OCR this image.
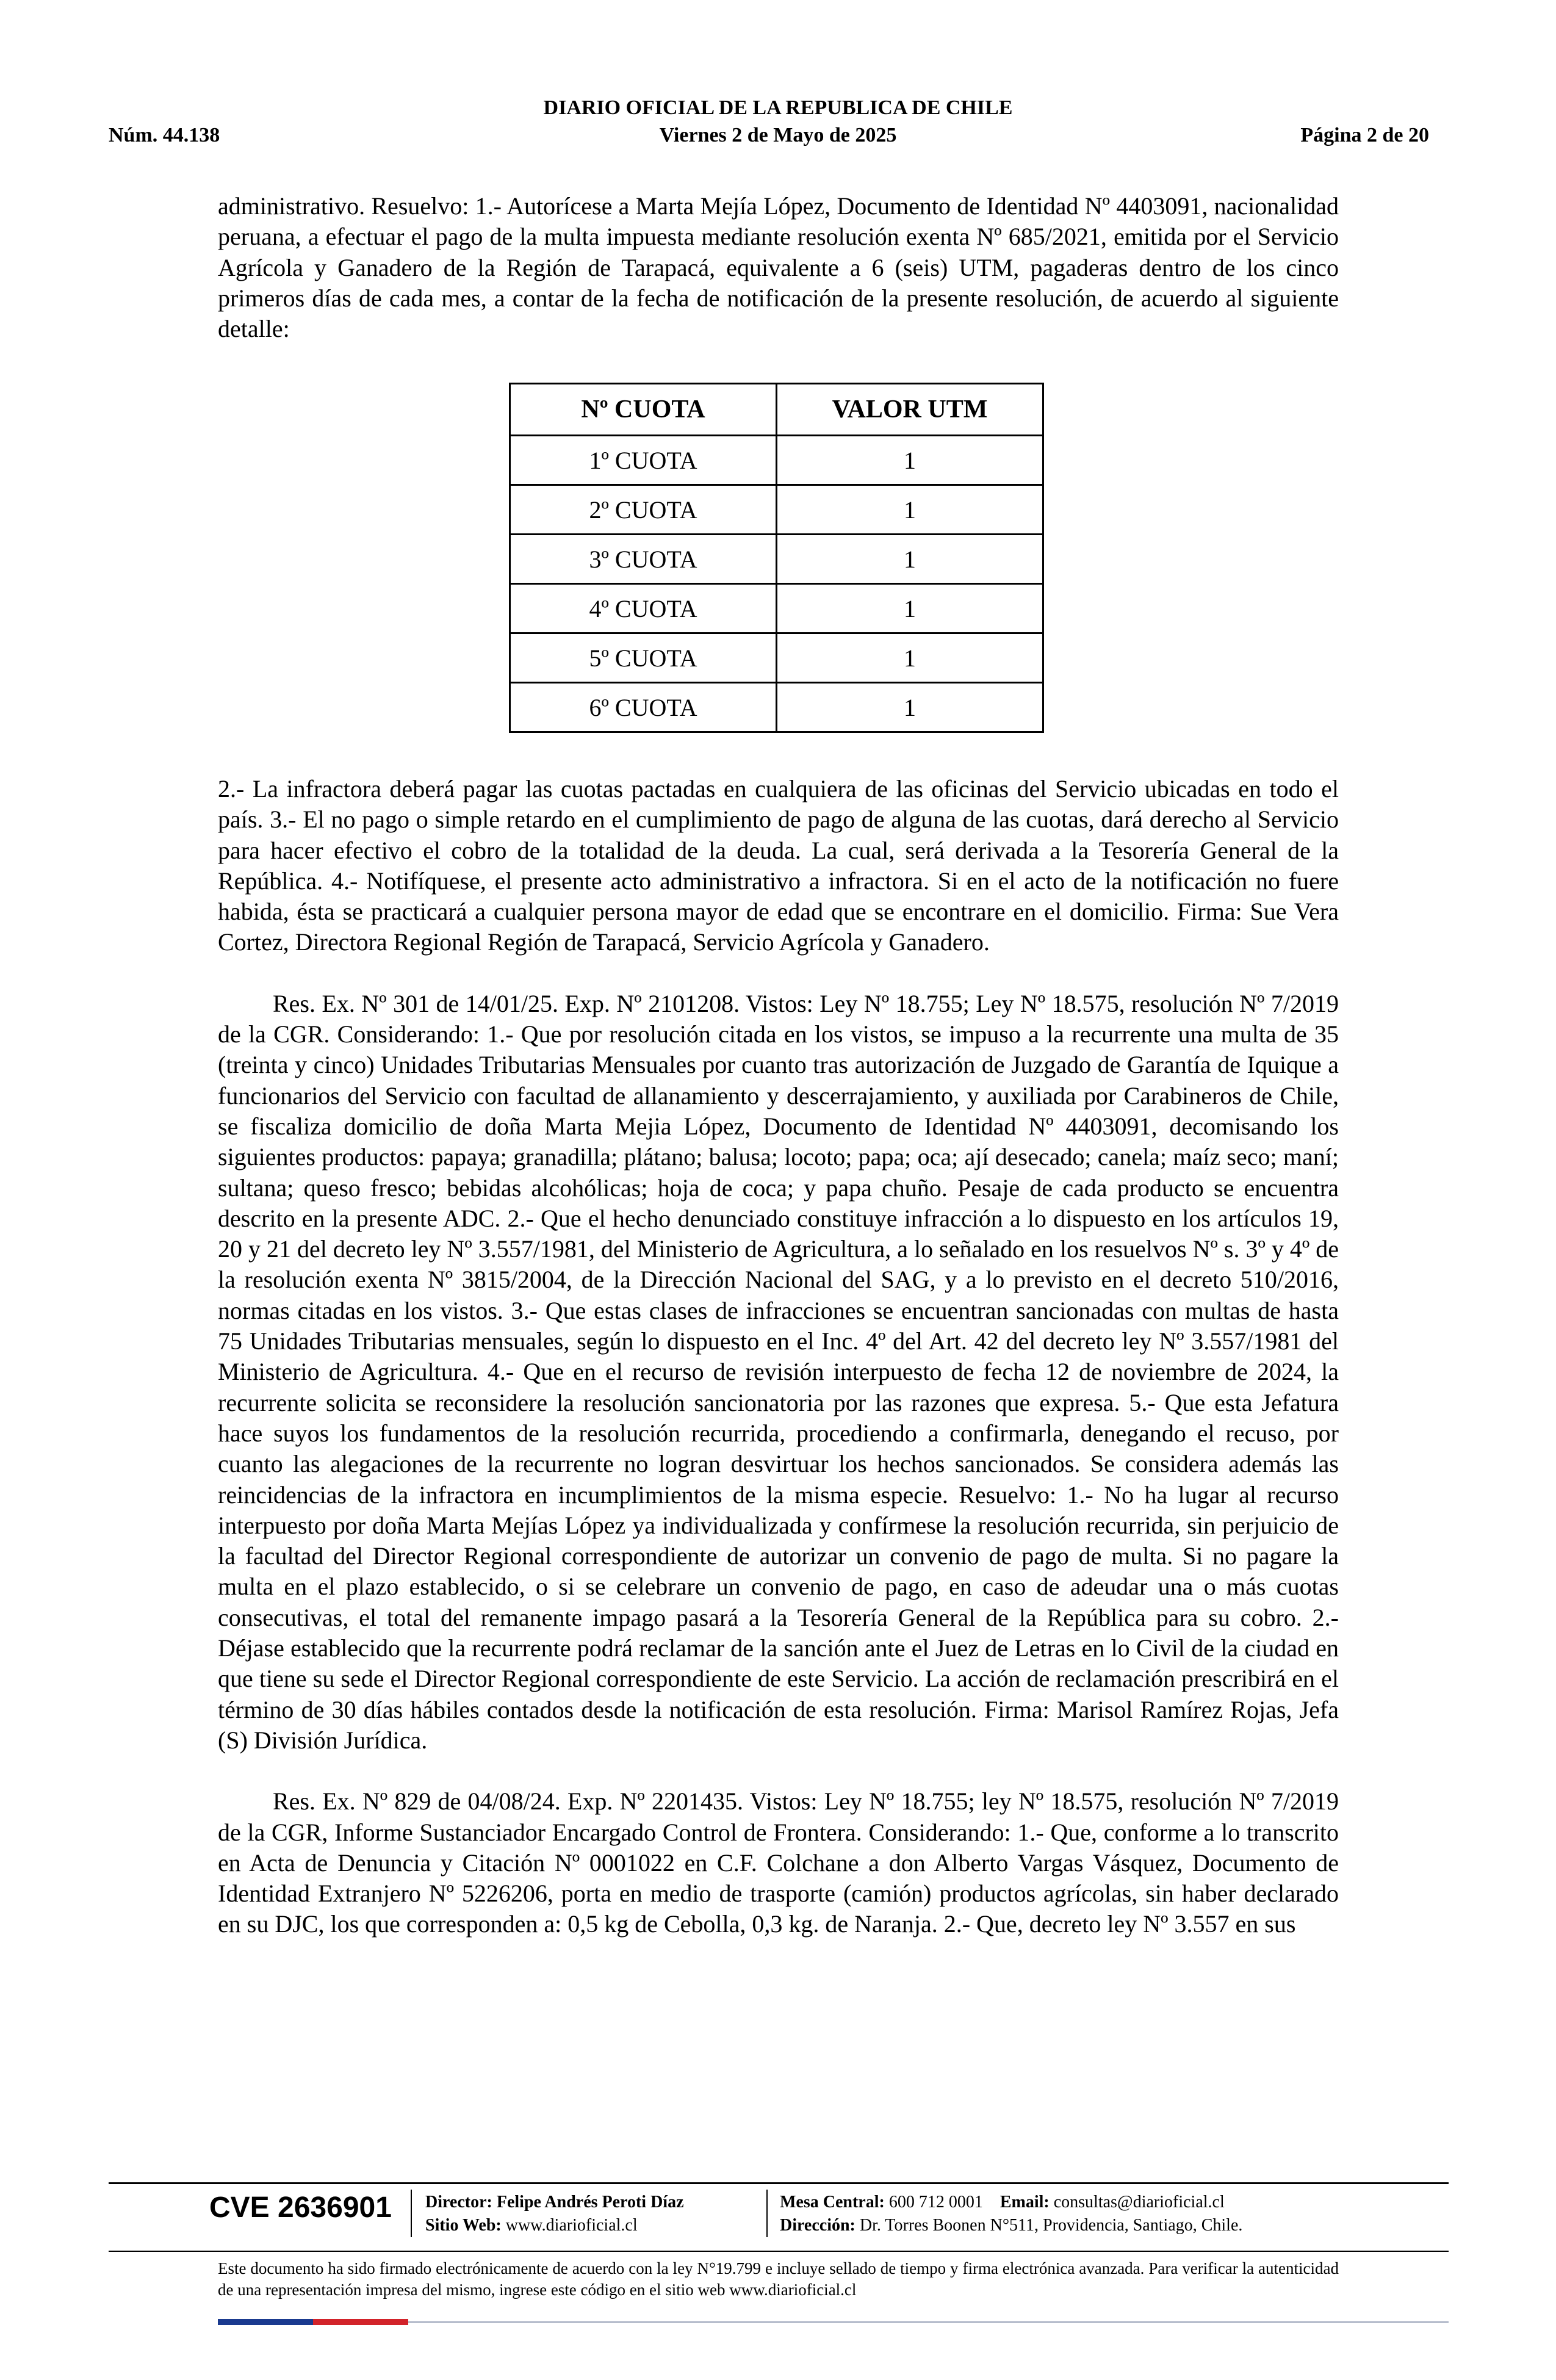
DIARIO OFICIAL DE LA REPUBLICA DE CHILE
Núm. 44.138	Viernes 2 de Mayo de 2025	Página 2 de 20

administrativo. Resuelvo: 1.- Autorícese a Marta Mejía López, Documento de Identidad Nº 4403091, nacionalidad peruana, a efectuar el pago de la multa impuesta mediante resolución exenta Nº 685/2021, emitida por el Servicio Agrícola y Ganadero de la Región de Tarapacá, equivalente a 6 (seis) UTM, pagaderas dentro de los cinco primeros días de cada mes, a contar de la fecha de notificación de la presente resolución, de acuerdo al siguiente detalle:

Nº CUOTA	VALOR UTM
1º CUOTA	1
2º CUOTA	1
3º CUOTA	1
4º CUOTA	1
5º CUOTA	1
6º CUOTA	1

2.- La infractora deberá pagar las cuotas pactadas en cualquiera de las oficinas del Servicio ubicadas en todo el país. 3.- El no pago o simple retardo en el cumplimiento de pago de alguna de las cuotas, dará derecho al Servicio para hacer efectivo el cobro de la totalidad de la deuda. La cual, será derivada a la Tesorería General de la República. 4.- Notifíquese, el presente acto administrativo a infractora. Si en el acto de la notificación no fuere habida, ésta se practicará a cualquier persona mayor de edad que se encontrare en el domicilio. Firma: Sue Vera Cortez, Directora Regional Región de Tarapacá, Servicio Agrícola y Ganadero.

Res. Ex. Nº 301 de 14/01/25. Exp. Nº 2101208. Vistos: Ley Nº 18.755; Ley Nº 18.575, resolución Nº 7/2019 de la CGR. Considerando: 1.- Que por resolución citada en los vistos, se impuso a la recurrente una multa de 35 (treinta y cinco) Unidades Tributarias Mensuales por cuanto tras autorización de Juzgado de Garantía de Iquique a funcionarios del Servicio con facultad de allanamiento y descerrajamiento, y auxiliada por Carabineros de Chile, se fiscaliza domicilio de doña Marta Mejia López, Documento de Identidad Nº 4403091, decomisando los siguientes productos: papaya; granadilla; plátano; balusa; locoto; papa; oca; ají desecado; canela; maíz seco; maní; sultana; queso fresco; bebidas alcohólicas; hoja de coca; y papa chuño. Pesaje de cada producto se encuentra descrito en la presente ADC. 2.- Que el hecho denunciado constituye infracción a lo dispuesto en los artículos 19, 20 y 21 del decreto ley Nº 3.557/1981, del Ministerio de Agricultura, a lo señalado en los resuelvos Nº s. 3º y 4º de la resolución exenta Nº 3815/2004, de la Dirección Nacional del SAG, y a lo previsto en el decreto 510/2016, normas citadas en los vistos. 3.- Que estas clases de infracciones se encuentran sancionadas con multas de hasta 75 Unidades Tributarias mensuales, según lo dispuesto en el Inc. 4º del Art. 42 del decreto ley Nº 3.557/1981 del Ministerio de Agricultura. 4.- Que en el recurso de revisión interpuesto de fecha 12 de noviembre de 2024, la recurrente solicita se reconsidere la resolución sancionatoria por las razones que expresa. 5.- Que esta Jefatura hace suyos los fundamentos de la resolución recurrida, procediendo a confirmarla, denegando el recuso, por cuanto las alegaciones de la recurrente no logran desvirtuar los hechos sancionados. Se considera además las reincidencias de la infractora en incumplimientos de la misma especie. Resuelvo: 1.- No ha lugar al recurso interpuesto por doña Marta Mejías López ya individualizada y confírmese la resolución recurrida, sin perjuicio de la facultad del Director Regional correspondiente de autorizar un convenio de pago de multa. Si no pagare la multa en el plazo establecido, o si se celebrare un convenio de pago, en caso de adeudar una o más cuotas consecutivas, el total del remanente impago pasará a la Tesorería General de la República para su cobro. 2.- Déjase establecido que la recurrente podrá reclamar de la sanción ante el Juez de Letras en lo Civil de la ciudad en que tiene su sede el Director Regional correspondiente de este Servicio. La acción de reclamación prescribirá en el término de 30 días hábiles contados desde la notificación de esta resolución. Firma: Marisol Ramírez Rojas, Jefa (S) División Jurídica.

Res. Ex. Nº 829 de 04/08/24. Exp. Nº 2201435. Vistos: Ley Nº 18.755; ley Nº 18.575, resolución Nº 7/2019 de la CGR, Informe Sustanciador Encargado Control de Frontera. Considerando: 1.- Que, conforme a lo transcrito en Acta de Denuncia y Citación Nº 0001022 en C.F. Colchane a don Alberto Vargas Vásquez, Documento de Identidad Extranjero Nº 5226206, porta en medio de trasporte (camión) productos agrícolas, sin haber declarado en su DJC, los que corresponden a: 0,5 kg de Cebolla, 0,3 kg. de Naranja. 2.- Que, decreto ley Nº 3.557 en sus

CVE 2636901 Director: Felipe Andrés Peroti Díaz
Sitio Web: www.diarioficial.cl
Mesa Central: 600 712 0001 Email: consultas@diarioficial.cl
Dirección: Dr. Torres Boonen N°511, Providencia, Santiago, Chile.
Este documento ha sido firmado electrónicamente de acuerdo con la ley N°19.799 e incluye sellado de tiempo y firma electrónica avanzada. Para verificar la autenticidad de una representación impresa del mismo, ingrese este código en el sitio web www.diarioficial.cl
